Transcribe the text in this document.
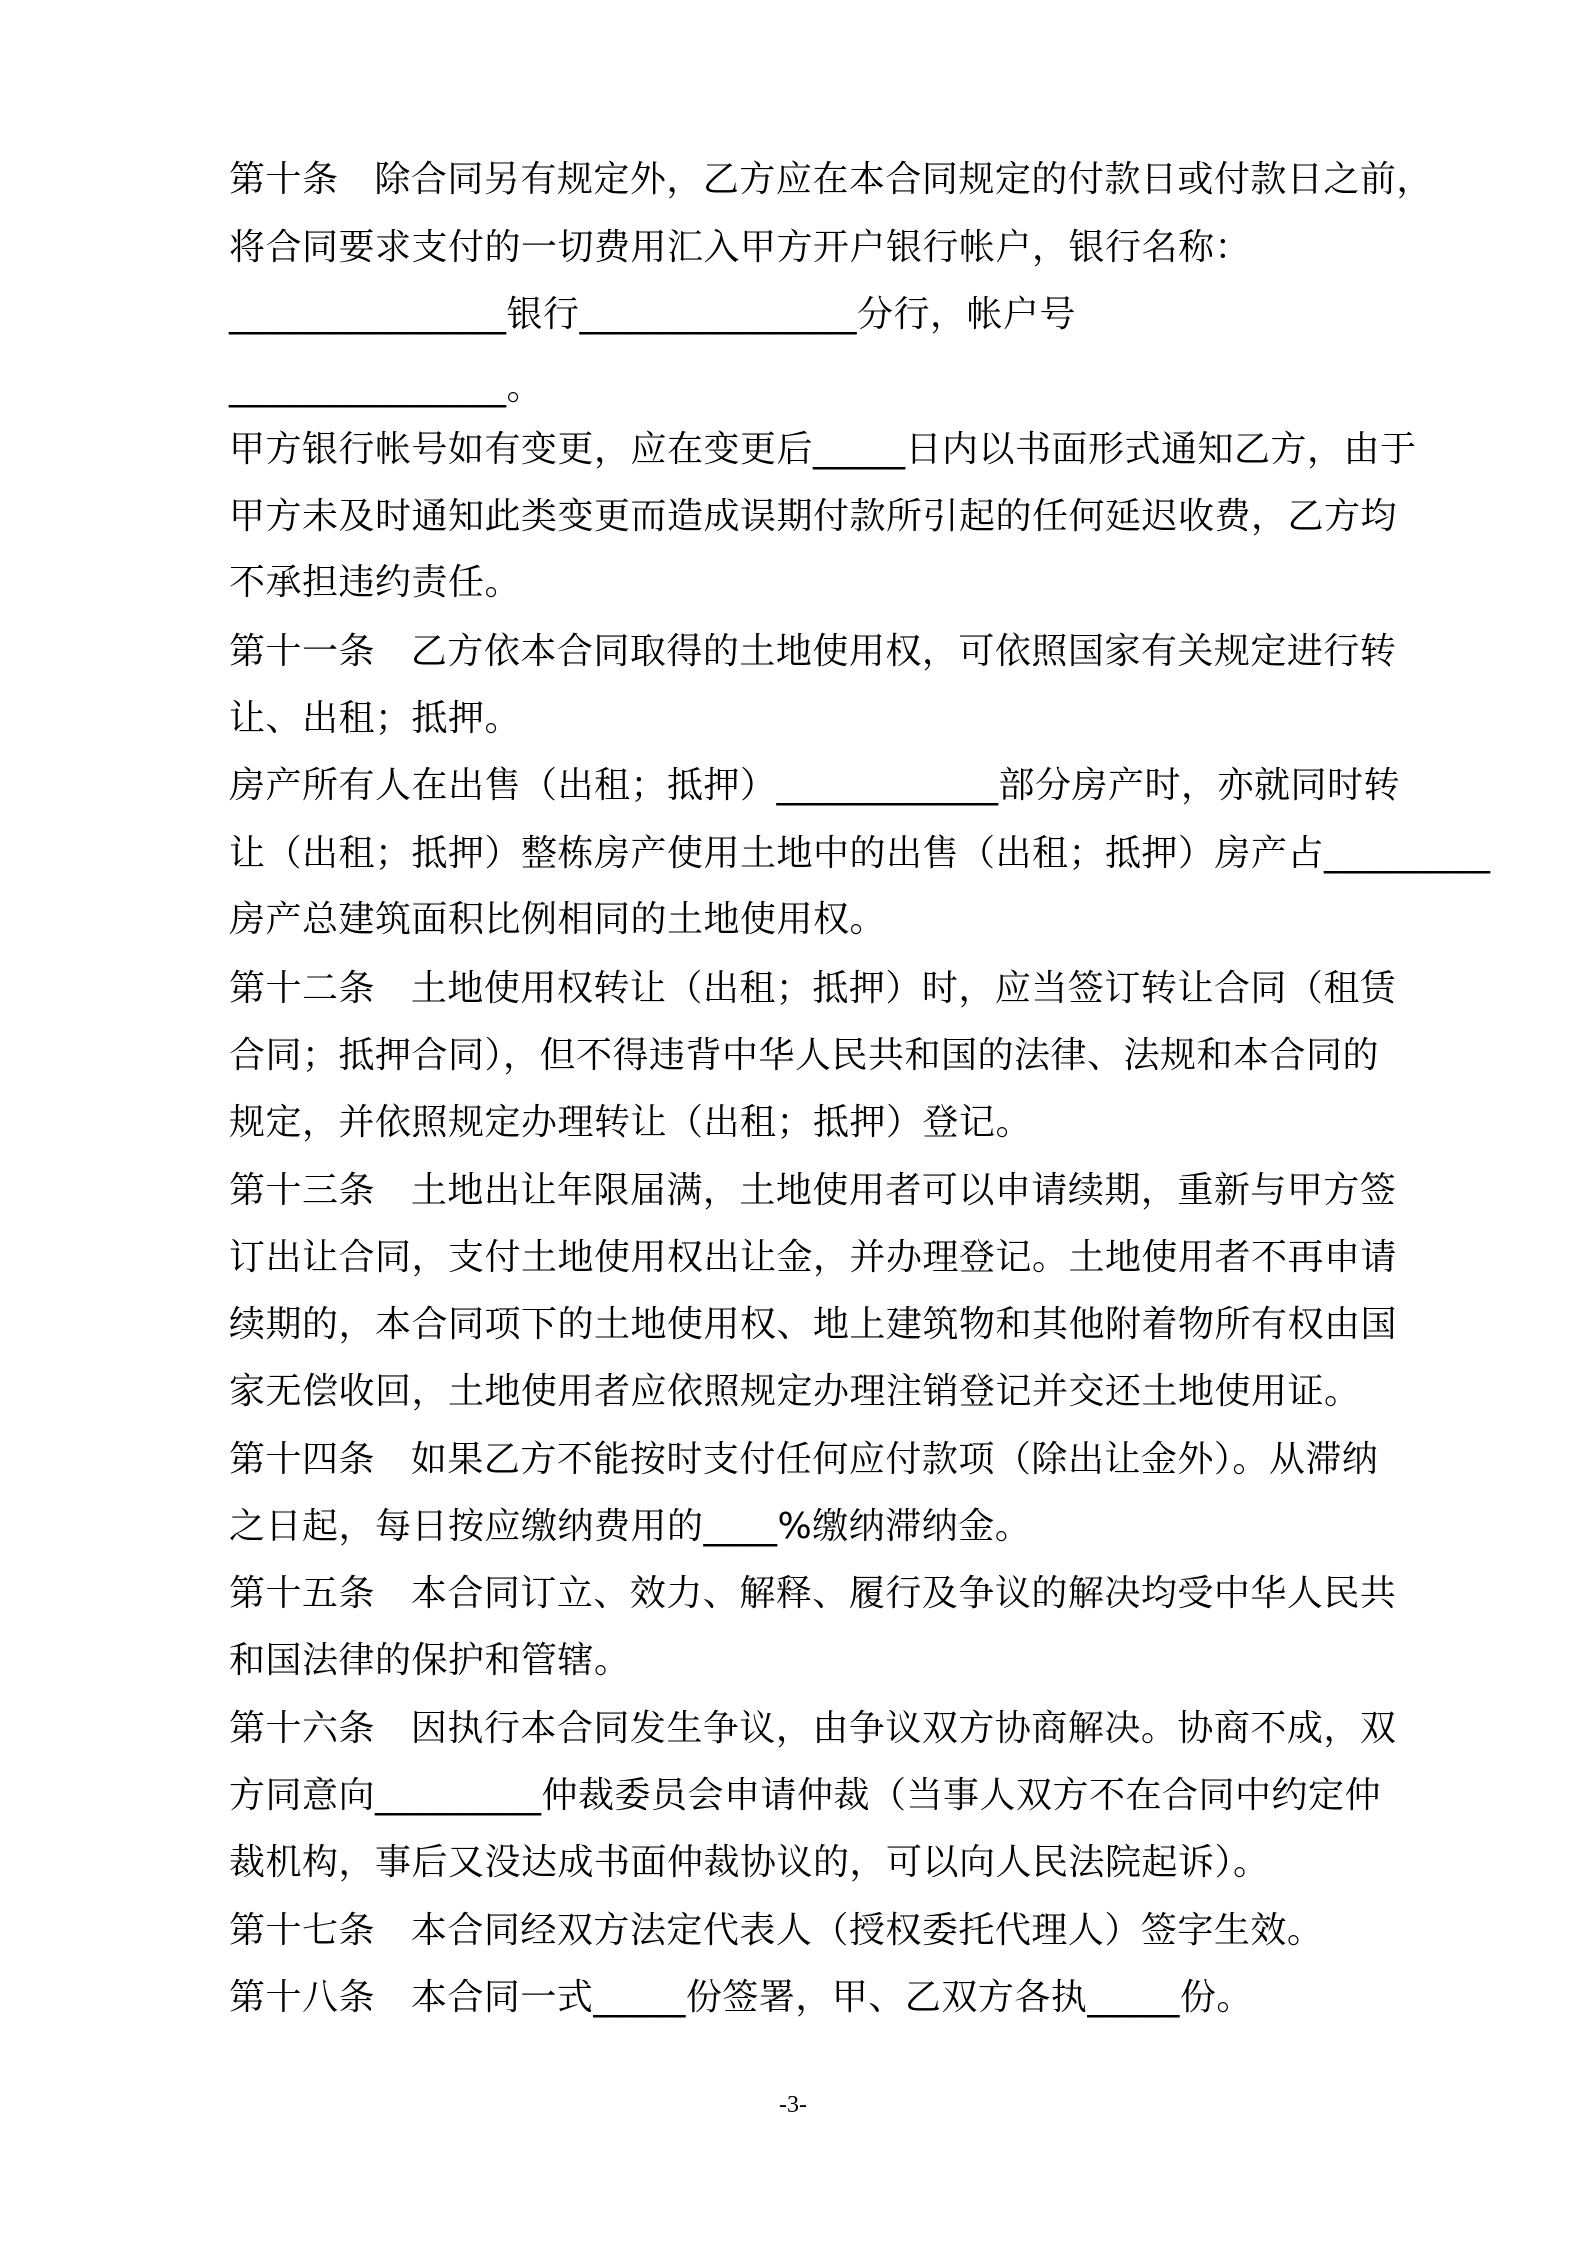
第十条   除合同另有规定外，乙方应在本合同规定的付款日或付款日之前，
将合同要求支付的一切费用汇入甲方开户银行帐户，银行名称：
_______________银行_______________分行，帐户号
_______________。
甲方银行帐号如有变更，应在变更后_____日内以书面形式通知乙方，由于
甲方未及时通知此类变更而造成误期付款所引起的任何延迟收费，乙方均
不承担违约责任。
第十一条   乙方依本合同取得的土地使用权，可依照国家有关规定进行转
让、出租；抵押。
房产所有人在出售（出租；抵押）____________部分房产时，亦就同时转
让（出租；抵押）整栋房产使用土地中的出售（出租；抵押）房产占_________
房产总建筑面积比例相同的土地使用权。
第十二条   土地使用权转让（出租；抵押）时，应当签订转让合同（租赁
合同；抵押合同），但不得违背中华人民共和国的法律、法规和本合同的
规定，并依照规定办理转让（出租；抵押）登记。
第十三条   土地出让年限届满，土地使用者可以申请续期，重新与甲方签
订出让合同，支付土地使用权出让金，并办理登记。土地使用者不再申请
续期的，本合同项下的土地使用权、地上建筑物和其他附着物所有权由国
家无偿收回，土地使用者应依照规定办理注销登记并交还土地使用证。
第十四条   如果乙方不能按时支付任何应付款项（除出让金外）。从滞纳
之日起，每日按应缴纳费用的____%缴纳滞纳金。
第十五条   本合同订立、效力、解释、履行及争议的解决均受中华人民共
和国法律的保护和管辖。
第十六条   因执行本合同发生争议，由争议双方协商解决。协商不成，双
方同意向_________仲裁委员会申请仲裁（当事人双方不在合同中约定仲
裁机构，事后又没达成书面仲裁协议的，可以向人民法院起诉）。
第十七条   本合同经双方法定代表人（授权委托代理人）签字生效。
第十八条   本合同一式_____份签署，甲、乙双方各执_____份。
-3-
